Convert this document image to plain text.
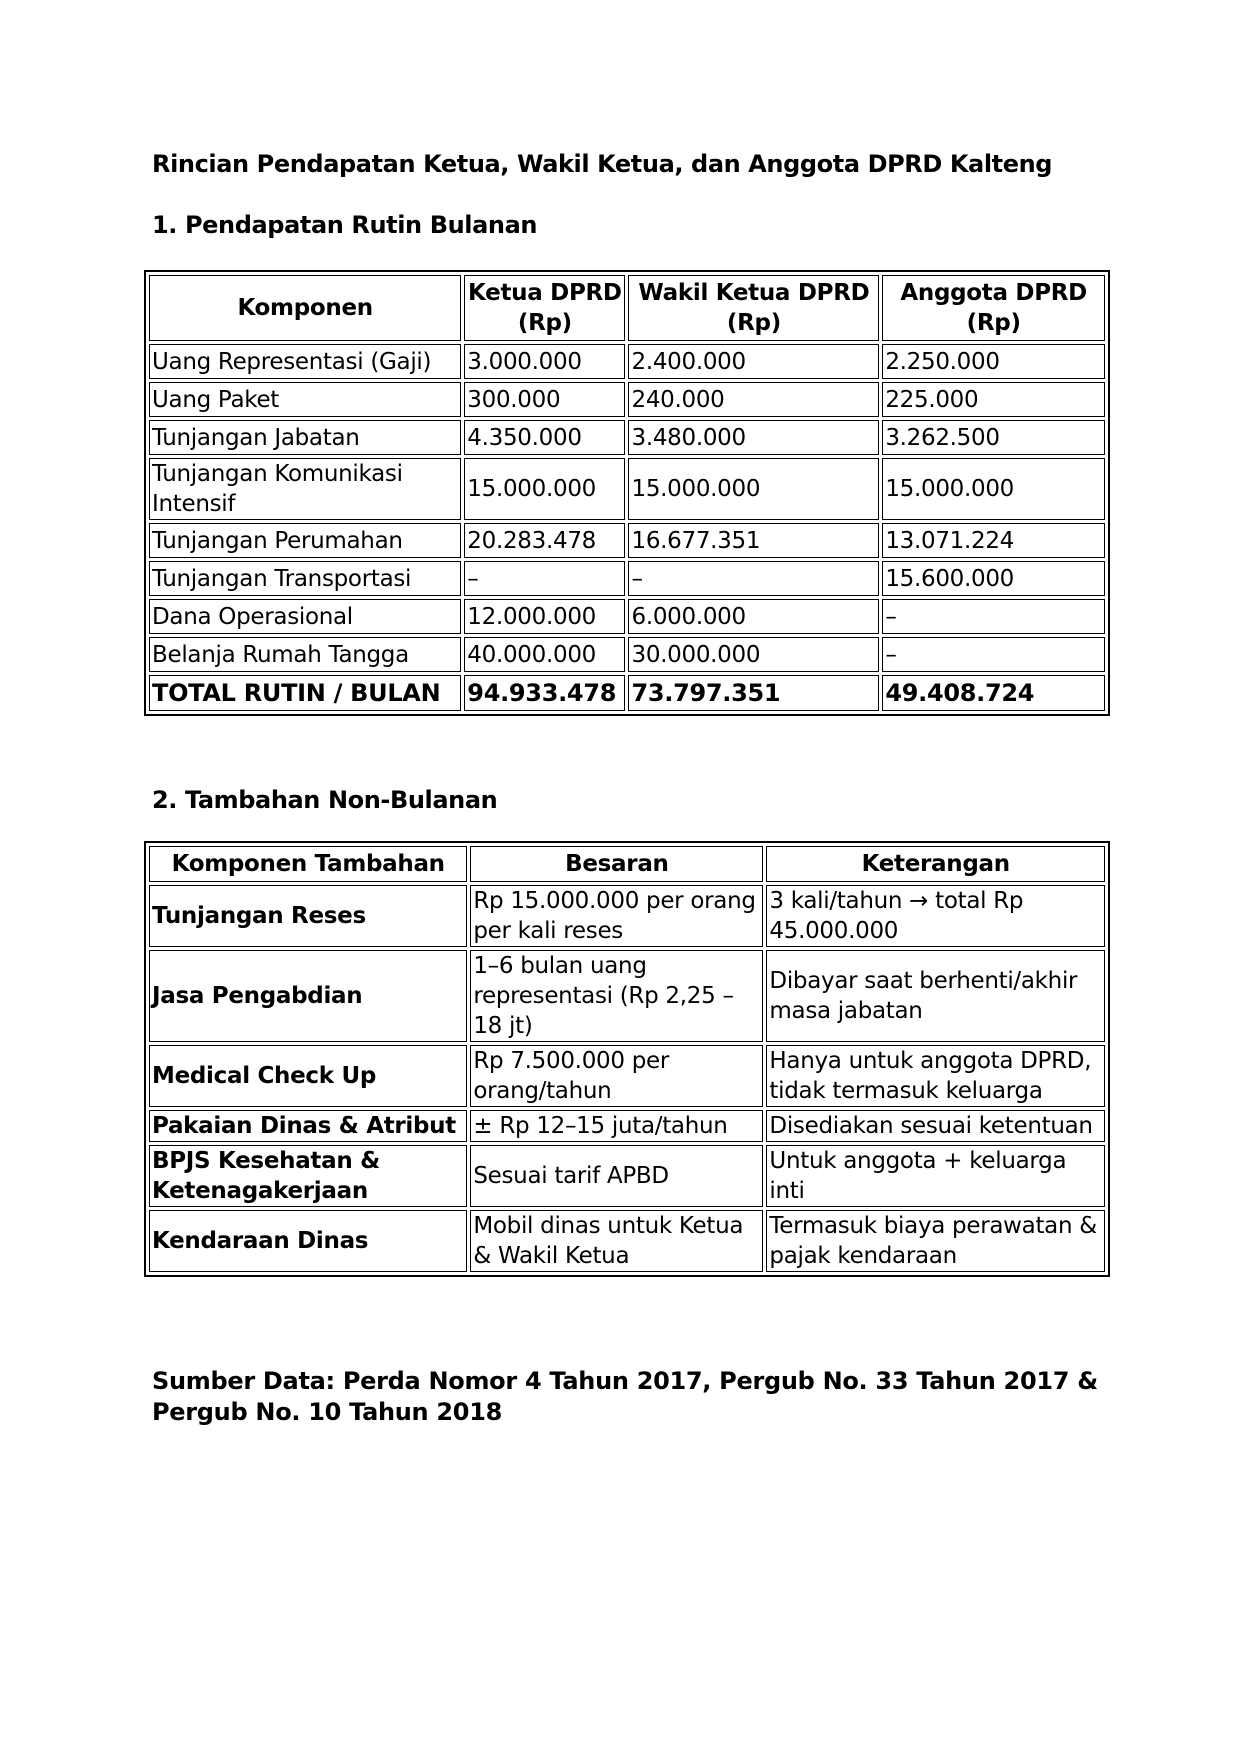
Rincian Pendapatan Ketua, Wakil Ketua, dan Anggota DPRD Kalteng
1. Pendapatan Rutin Bulanan
Komponen	Ketua DPRD (Rp)	Wakil Ketua DPRD (Rp)	Anggota DPRD (Rp)
Uang Representasi (Gaji)	3.000.000	2.400.000	2.250.000
Uang Paket	300.000	240.000	225.000
Tunjangan Jabatan	4.350.000	3.480.000	3.262.500
Tunjangan Komunikasi Intensif	15.000.000	15.000.000	15.000.000
Tunjangan Perumahan	20.283.478	16.677.351	13.071.224
Tunjangan Transportasi	–	–	15.600.000
Dana Operasional	12.000.000	6.000.000	–
Belanja Rumah Tangga	40.000.000	30.000.000	–
TOTAL RUTIN / BULAN	94.933.478	73.797.351	49.408.724
2. Tambahan Non-Bulanan
Komponen Tambahan	Besaran	Keterangan
Tunjangan Reses	Rp 15.000.000 per orang per kali reses	3 kali/tahun → total Rp 45.000.000
Jasa Pengabdian	1–6 bulan uang representasi (Rp 2,25 – 18 jt)	Dibayar saat berhenti/akhir masa jabatan
Medical Check Up	Rp 7.500.000 per orang/tahun	Hanya untuk anggota DPRD, tidak termasuk keluarga
Pakaian Dinas & Atribut	± Rp 12–15 juta/tahun	Disediakan sesuai ketentuan
BPJS Kesehatan & Ketenagakerjaan	Sesuai tarif APBD	Untuk anggota + keluarga inti
Kendaraan Dinas	Mobil dinas untuk Ketua & Wakil Ketua	Termasuk biaya perawatan & pajak kendaraan

Sumber Data: Perda Nomor 4 Tahun 2017, Pergub No. 33 Tahun 2017 & Pergub No. 10 Tahun 2018
